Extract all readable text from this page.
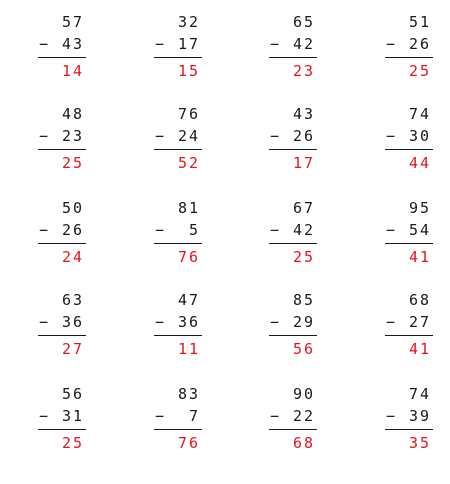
57
− 43
14
32
− 17
15
65
− 42
23
51
− 26
25
48
− 23
25
76
− 24
52
43
− 26
17
74
− 30
44
50
− 26
24
81
− 5
76
67
− 42
25
95
− 54
41
63
− 36
27
47
− 36
11
85
− 29
56
68
− 27
41
56
− 31
25
83
− 7
76
90
− 22
68
74
− 39
35
